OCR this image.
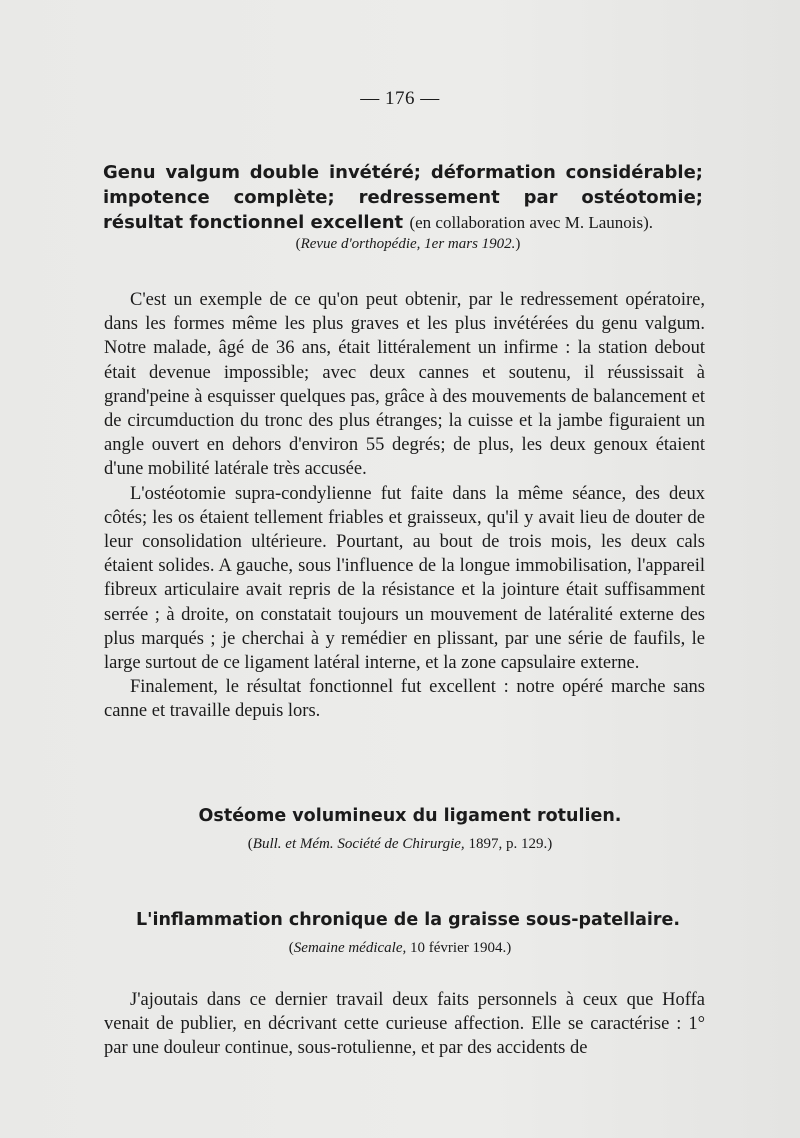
— 176 —
Genu valgum double invétéré; déformation considérable; impotence complète; redressement par ostéotomie; résultat fonctionnel excellent (en collaboration avec M. Launois).
(Revue d'orthopédie, 1er mars 1902.)

C'est un exemple de ce qu'on peut obtenir, par le redressement opératoire, dans les formes même les plus graves et les plus invétérées du genu valgum. Notre malade, âgé de 36 ans, était littéralement un infirme : la station debout était devenue impossible; avec deux cannes et soutenu, il réussissait à grand'peine à esquisser quelques pas, grâce à des mouvements de balancement et de circumduction du tronc des plus étranges; la cuisse et la jambe figuraient un angle ouvert en dehors d'environ 55 degrés; de plus, les deux genoux étaient d'une mobilité latérale très accusée.

L'ostéotomie supra-condylienne fut faite dans la même séance, des deux côtés; les os étaient tellement friables et graisseux, qu'il y avait lieu de douter de leur consolidation ultérieure. Pourtant, au bout de trois mois, les deux cals étaient solides. A gauche, sous l'influence de la longue immobilisation, l'appareil fibreux articulaire avait repris de la résistance et la jointure était suffisamment serrée ; à droite, on constatait toujours un mouvement de latéralité externe des plus marqués ; je cherchai à y remédier en plissant, par une série de faufils, le large surtout de ce ligament latéral interne, et la zone capsulaire externe.

Finalement, le résultat fonctionnel fut excellent : notre opéré marche sans canne et travaille depuis lors.

Ostéome volumineux du ligament rotulien.
(Bull. et Mém. Société de Chirurgie, 1897, p. 129.)
L'inflammation chronique de la graisse sous-patellaire.
(Semaine médicale, 10 février 1904.)

J'ajoutais dans ce dernier travail deux faits personnels à ceux que Hoffa venait de publier, en décrivant cette curieuse affection. Elle se caractérise : 1° par une douleur continue, sous-rotulienne, et par des accidents de
